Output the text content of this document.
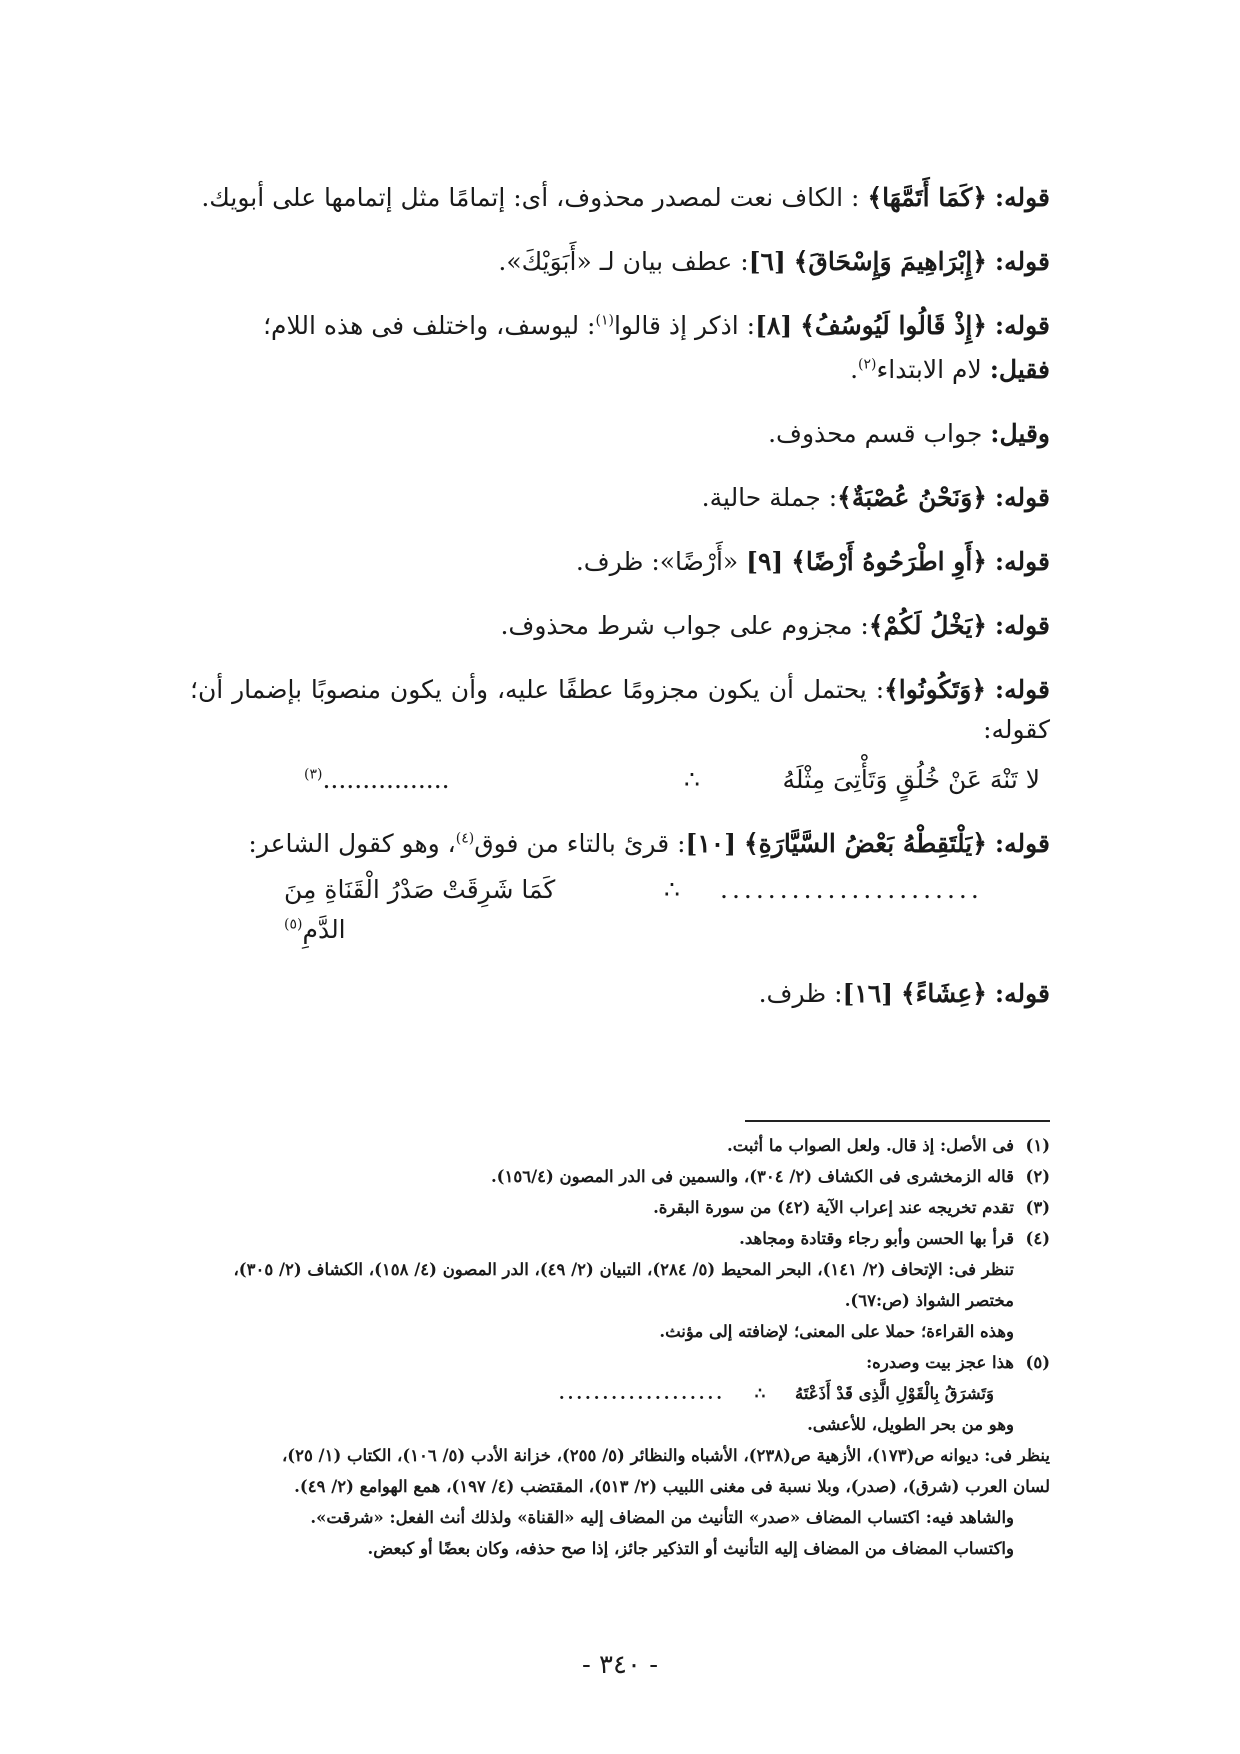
قوله: ﴿كَمَا أَتَمَّهَا﴾ : الكاف نعت لمصدر محذوف، أى: إتمامًا مثل إتمامها على أبويك.

قوله: ﴿إِبْرَاهِيمَ وَإِسْحَاقَ﴾ [٦]: عطف بيان لـ «أَبَوَيْكَ».

قوله: ﴿إِذْ قَالُوا لَيُوسُفُ﴾ [٨]: اذكر إذ قالوا$^{(١)}$: ليوسف، واختلف فى هذه اللام؛

فقيل: لام الابتداء$^{(٢)}$.

وقيل: جواب قسم محذوف.

قوله: ﴿وَنَحْنُ عُصْبَةٌ﴾: جملة حالية.

قوله: ﴿أَوِ اطْرَحُوهُ أَرْضًا﴾ [٩] «أَرْضًا»: ظرف.

قوله: ﴿يَخْلُ لَكُمْ﴾: مجزوم على جواب شرط محذوف.

قوله: ﴿وَتَكُونُوا﴾: يحتمل أن يكون مجزومًا عطفًا عليه، وأن يكون منصوبًا بإضمار أن؛ كقوله:

لا تَنْهَ عَنْ خُلُقٍ وَتَأْتِىَ مِثْلَهُ
∴
................$^{(٣)}$

قوله: ﴿يَلْتَقِطْهُ بَعْضُ السَّيَّارَةِ﴾ [١٠]: قرئ بالتاء من فوق$^{(٤)}$، وهو كقول الشاعر:

......................
∴
كَمَا شَرِقَتْ صَدْرُ الْقَنَاةِ مِنَ الدَّمِ$^{(٥)}$

قوله: ﴿عِشَاءً﴾ [١٦]: ظرف.

(١)
فى الأصل: إذ قال. ولعل الصواب ما أثبت.
(٢)
قاله الزمخشرى فى الكشاف (٢/ ٣٠٤)، والسمين فى الدر المصون (١٥٦/٤).
(٣)
تقدم تخريجه عند إعراب الآية (٤٢) من سورة البقرة.
(٤)
قرأ بها الحسن وأبو رجاء وقتادة ومجاهد.
تنظر فى: الإتحاف (٢/ ١٤١)، البحر المحيط (٥/ ٢٨٤)، التبيان (٢/ ٤٩)، الدر المصون (٤/ ١٥٨)، الكشاف (٢/ ٣٠٥)،
مختصر الشواذ (ص:٦٧).
وهذه القراءة؛ حملا على المعنى؛ لإضافته إلى مؤنث.
(٥)
هذا عجز بيت وصدره:
وَتَشرَقُ بِالْقَوْلِ الَّذِى قَدْ أَذَعْتَهُ
∴
...................
وهو من بحر الطويل، للأعشى.
ينظر فى: ديوانه ص(١٧٣)، الأزهية ص(٢٣٨)، الأشباه والنظائر (٥/ ٢٥٥)، خزانة الأدب (٥/ ١٠٦)، الكتاب (١/ ٢٥)،
لسان العرب (شرق)، (صدر)، وبلا نسبة فى مغنى اللبيب (٢/ ٥١٣)، المقتضب (٤/ ١٩٧)، همع الهوامع (٢/ ٤٩).
والشاهد فيه: اكتساب المضاف «صدر» التأنيث من المضاف إليه «القناة» ولذلك أنث الفعل: «شرقت».
واكتساب المضاف من المضاف إليه التأنيث أو التذكير جائز، إذا صح حذفه، وكان بعضًا أو كبعض.
- ٣٤٠ -
